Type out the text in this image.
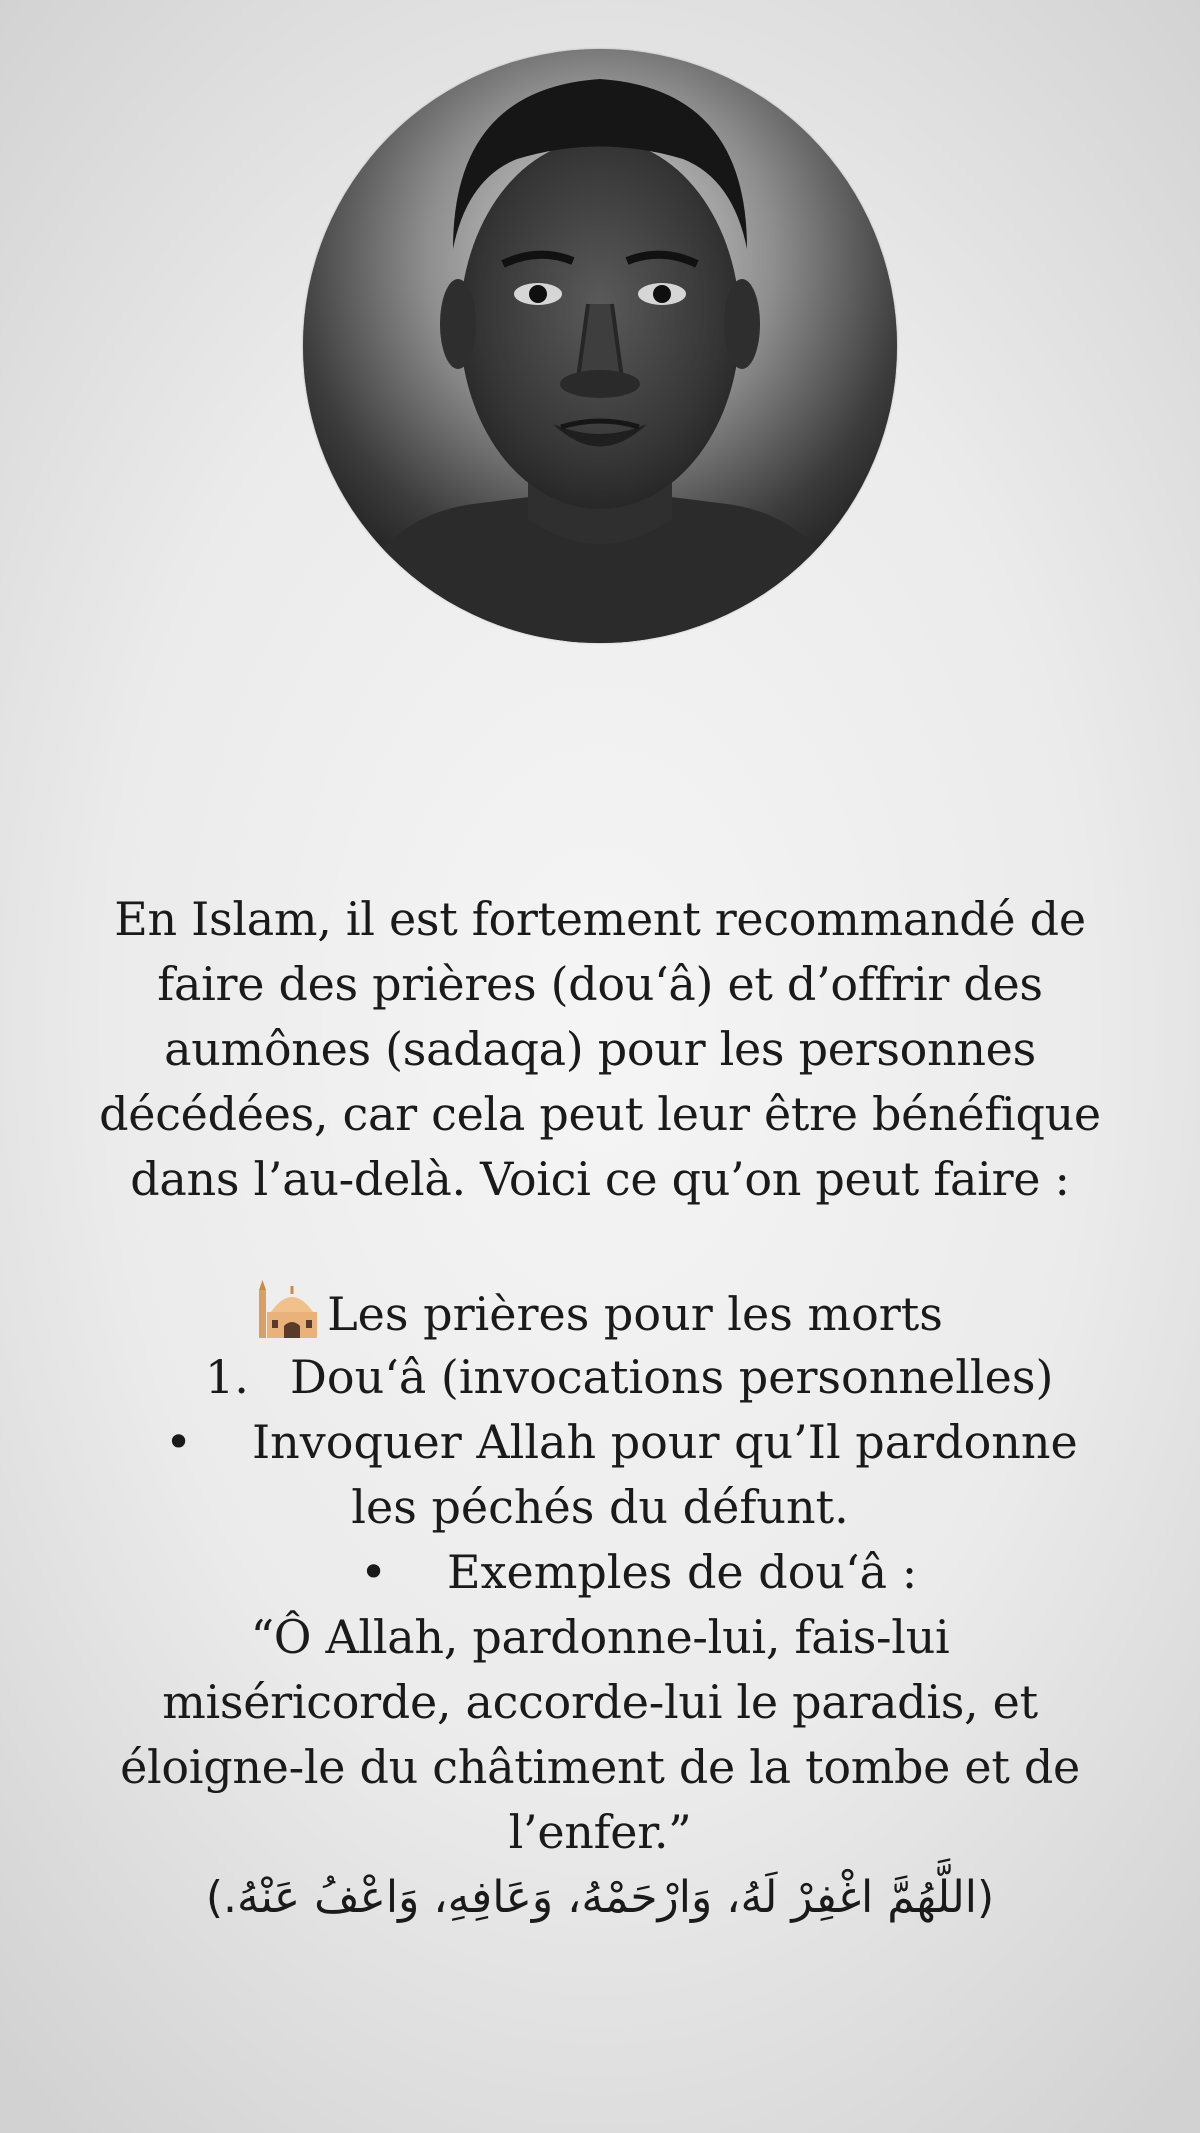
En Islam, il est fortement recommandé de
faire des prières (dou‘â) et d’offrir des
aumônes (sadaqa) pour les personnes
décédées, car cela peut leur être bénéfique
dans l’au-delà. Voici ce qu’on peut faire :
Les prières pour les morts
1. Dou‘â (invocations personnelles)
• Invoquer Allah pour qu’Il pardonne
les péchés du défunt.
• Exemples de dou‘â :
“Ô Allah, pardonne-lui, fais-lui
miséricorde, accorde-lui le paradis, et
éloigne-le du châtiment de la tombe et de
l’enfer.”
(اللَّهُمَّ اغْفِرْ لَهُ، وَارْحَمْهُ، وَعَافِهِ، وَاعْفُ عَنْهُ.)
